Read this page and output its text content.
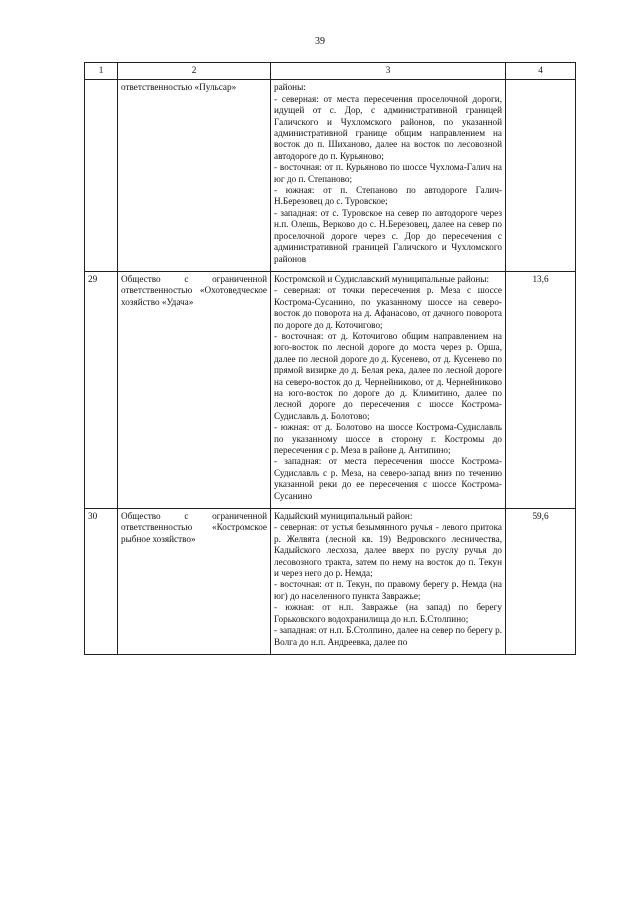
39
1	2	3	4

	ответственностью «Пульсар»	районы:
- северная: от места пересечения проселочной дороги, идущей от с. Дор, с административной границей Галичского и Чухломского районов, по указанной административной границе общим направлением на восток до п. Шиханово, далее на восток по лесовозной автодороге до п. Курьяново;
- восточная: от п. Курьяново по шоссе Чухлома-Галич на юг до п. Степаново;
- южная: от п. Степаново по автодороге Галич-Н.Березовец до с. Туровское;
- западная: от с. Туровское на север по автодороге через н.п. Олешь, Верково до с. Н.Березовец, далее на север по проселочной дороге через с. Дор до пересечения с административной границей Галичского и Чухломского районов	

29	Общество с ограниченной ответственностью «Охотоведческое хозяйство «Удача»	Костромской и Судиславский муниципальные районы:
- северная: от точки пересечения р. Меза с шоссе Кострома-Сусанино, по указанному шоссе на северо-восток до поворота на д. Афанасово, от дачного поворота по дороге до д. Коточигово;
- восточная: от д. Коточигово общим направлением на юго-восток по лесной дороге до моста через р. Орша, далее по лесной дороге до д. Кусенево, от д. Кусенево по прямой визирке до д. Белая река, далее по лесной дороге на северо-восток до д. Чернейниково, от д. Чернейниково на юго-восток по дороге до д. Климитино, далее по лесной дороге до пересечения с шоссе Кострома-Судиславль д. Болотово;
- южная: от д. Болотово на шоссе Кострома-Судиславль по указанному шоссе в сторону г. Костромы до пересечения с р. Меза в районе д. Антипино;
- западная: от места пересечения шоссе Кострома-Судиславль с р. Меза, на северо-запад вниз по течению указанной реки до ее пересечения с шоссе Кострома-Сусанино	13,6
30	Общество с ограниченной ответственностью «Костромское рыбное хозяйство»	Кадыйский муниципальный район:
- северная: от устья безымянного ручья - левого притока р. Желвята (лесной кв. 19) Ведровского лесничества, Кадыйского лесхоза, далее вверх по руслу ручья до лесовозного тракта, затем по нему на восток до п. Текун и через него до р. Немда;
- восточная: от п. Текун, по правому берегу р. Немда (на юг) до населенного пункта Завражье;
- южная: от н.п. Завражье (на запад) по берегу Горьковского водохранилища до н.п. Б.Столпино;
- западная: от н.п. Б.Столпино, далее на север по берегу р. Волга до н.п. Андреевка, далее по	59,6
